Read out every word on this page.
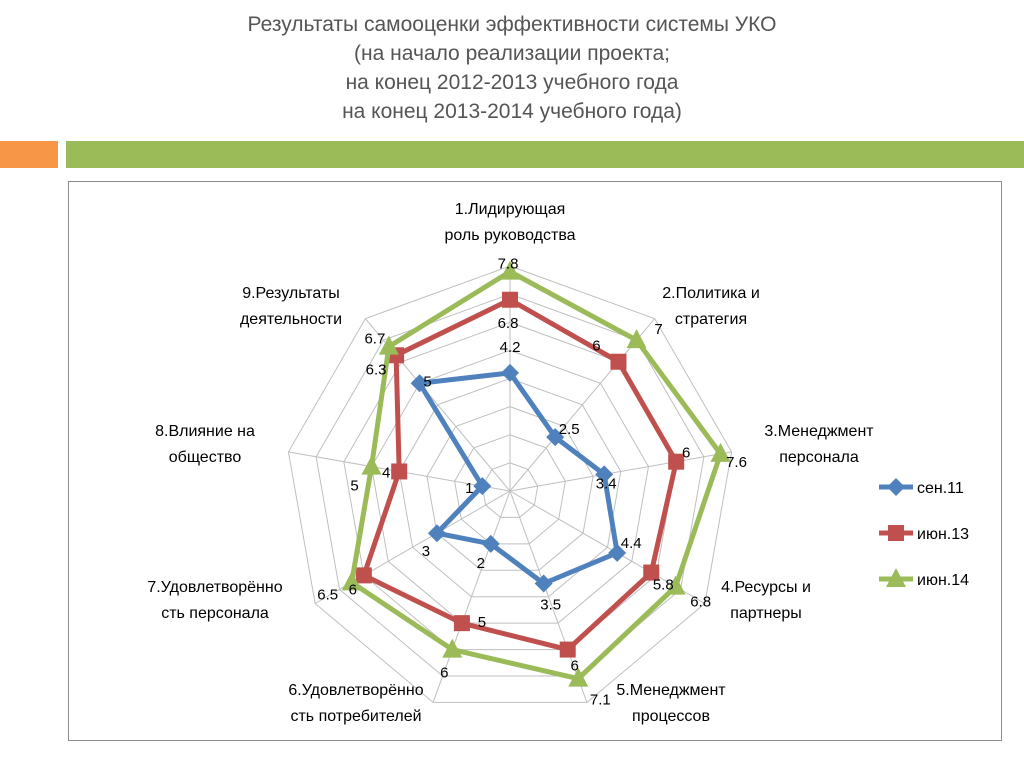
Результаты самооценки эффективности системы УКО
(на начало реализации проекта;
на конец 2012-2013 учебного года
на конец 2013-2014 учебного года)
1.Лидирующая
роль руководства
2.Политика и
стратегия
3.Менеджмент
персонала
4.Ресурсы и
партнеры
5.Менеджмент
процессов
6.Удовлетворённо
сть потребителей
7.Удовлетворённо
сть персонала
8.Влияние на
общество
9.Результаты
деятельности
4.2
2.5
3.4
4.4
3.5
2
3
1
5
6.8
6
6
5.8
6
5
6
4
6.3
7.8
7
7.6
6.8
7.1
6
6.5
5
6.7
сен.11
июн.13
июн.14
